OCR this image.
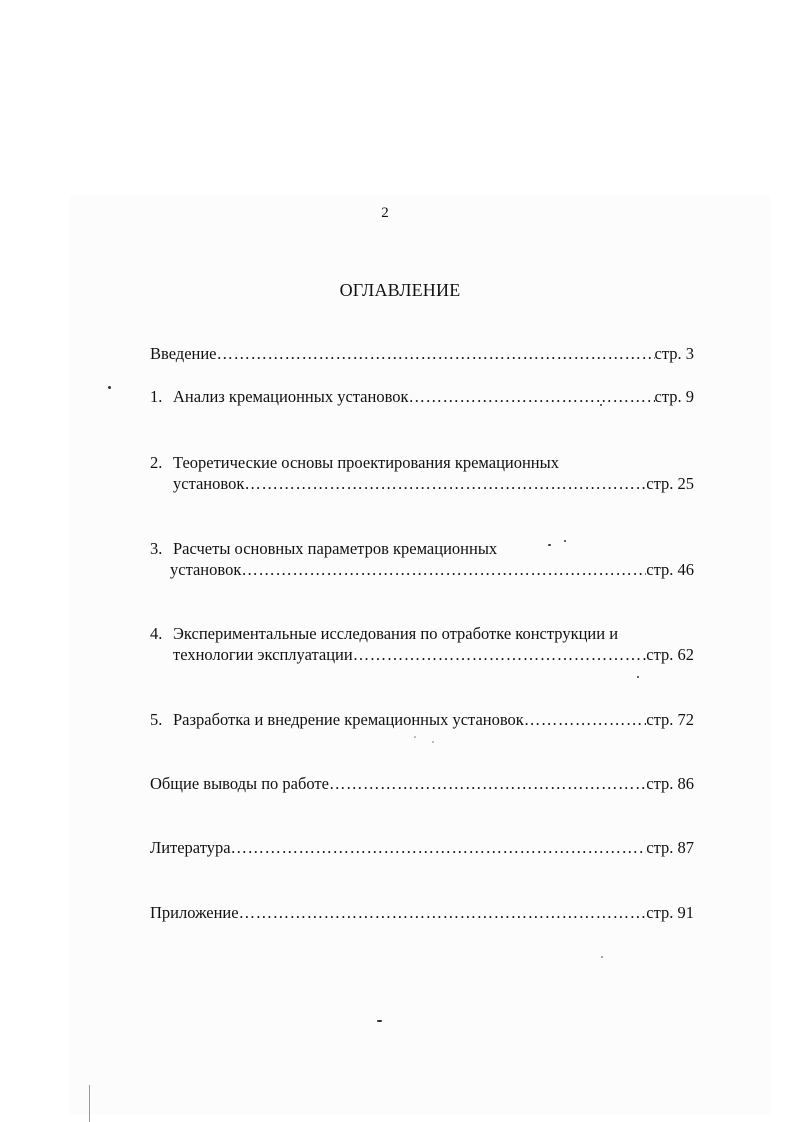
2
ОГЛАВЛЕНИЕ
Введение …………………………………………………………………………………………………………………………………………	стр. 3
1. Анализ кремационных установок …………………………………………………………………………………………………………………………………………	стр. 9
2. Теоретические основы проектирования кремационных
установок …………………………………………………………………………………………………………………………………………	стр. 25
3. Расчеты основных параметров кремационных
установок …………………………………………………………………………………………………………………………………………	стр. 46
4. Экспериментальные исследования по отработке конструкции и
технологии эксплуатации …………………………………………………………………………………………………………………………………………	стр. 62
5. Разработка и внедрение кремационных установок …………………………………………………………………………………………………………………………………………	стр. 72
Общие выводы по работе …………………………………………………………………………………………………………………………………………	стр. 86
Литература …………………………………………………………………………………………………………………………………………	стр. 87
Приложение …………………………………………………………………………………………………………………………………………	стр. 91
